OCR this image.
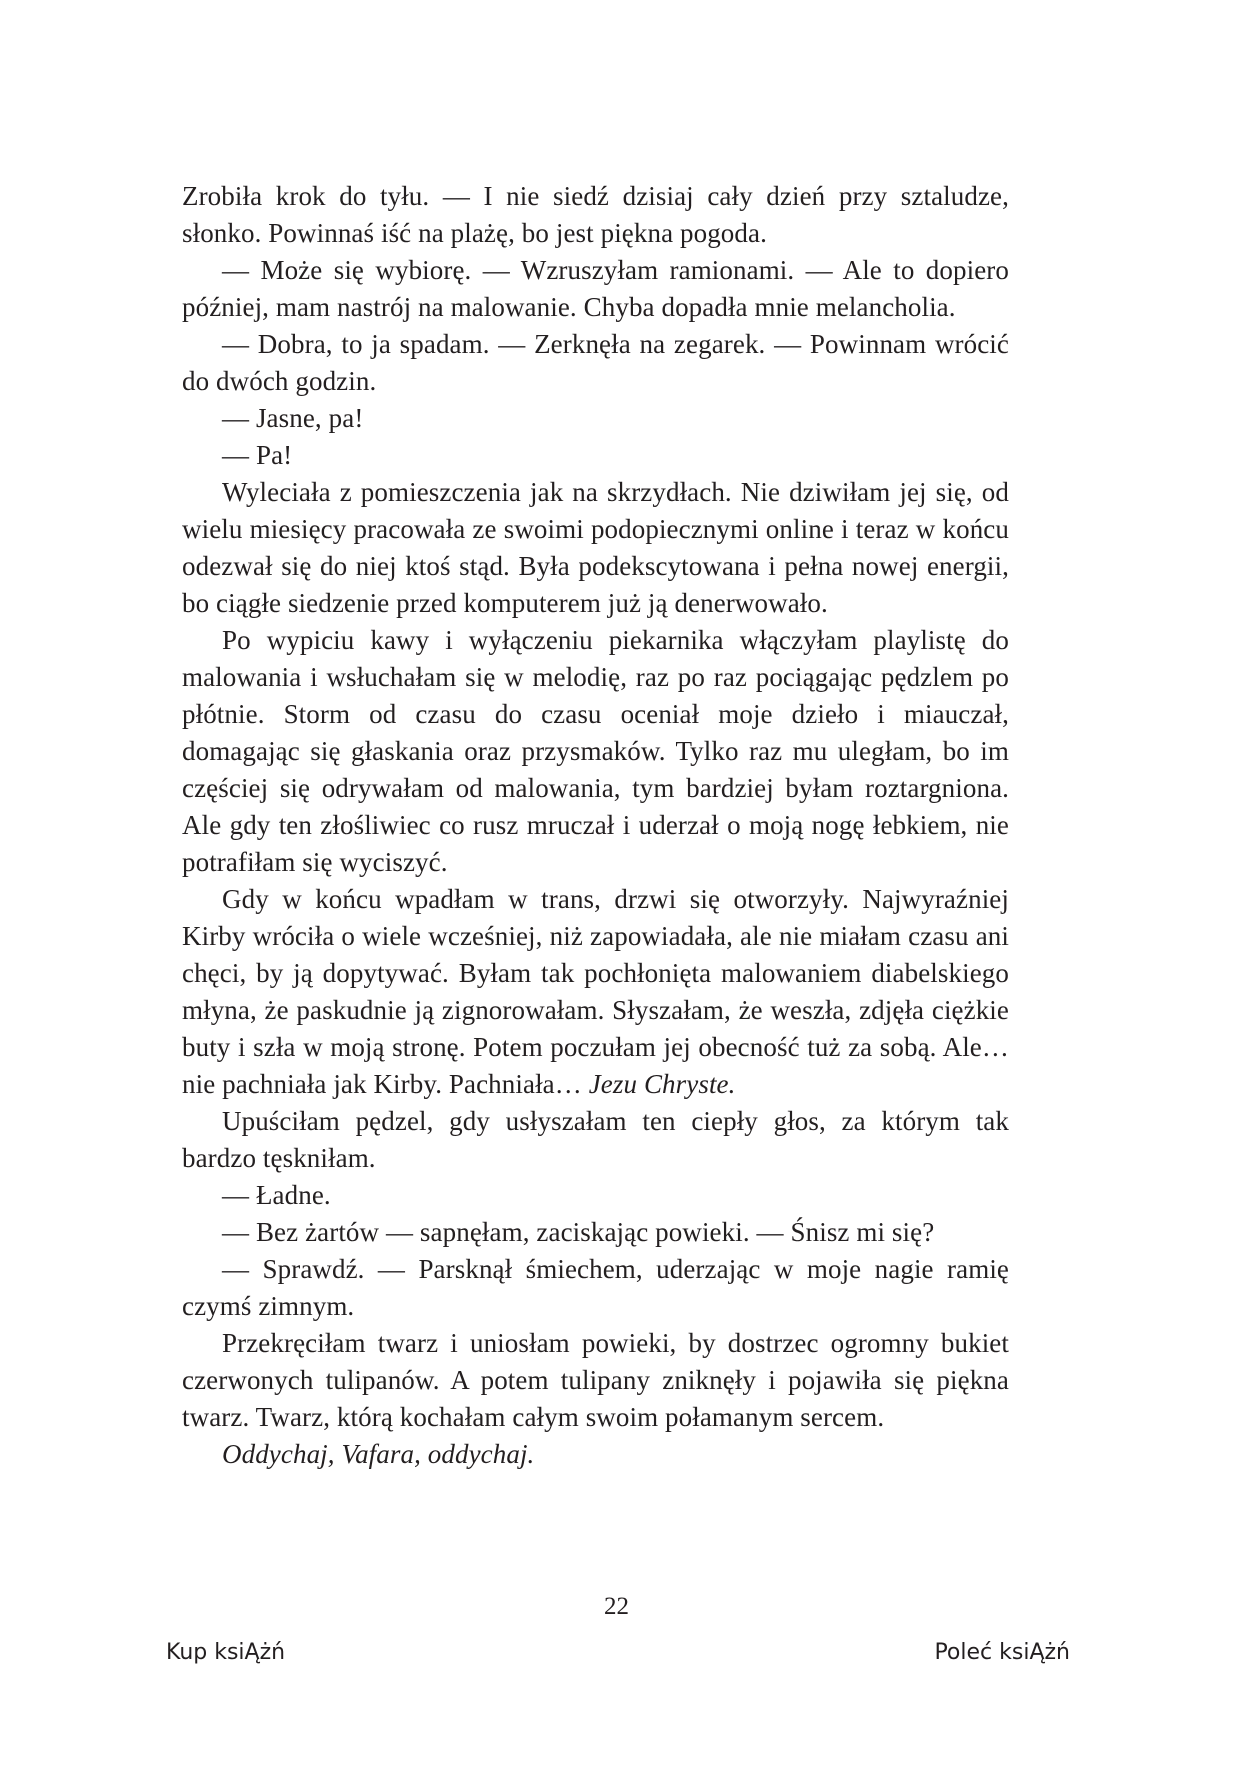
Zrobiła krok do tyłu. — I nie siedź dzisiaj cały dzień przy sztaludze, słonko. Powinnaś iść na plażę, bo jest piękna pogoda.

— Może się wybiorę. — Wzruszyłam ramionami. — Ale to dopiero później, mam nastrój na malowanie. Chyba dopadła mnie melancholia.

— Dobra, to ja spadam. — Zerknęła na zegarek. — Powinnam wrócić do dwóch godzin.

— Jasne, pa!

— Pa!

Wyleciała z pomieszczenia jak na skrzydłach. Nie dziwiłam jej się, od wielu miesięcy pracowała ze swoimi podopiecznymi online i teraz w końcu odezwał się do niej ktoś stąd. Była podekscytowana i pełna nowej energii, bo ciągłe siedzenie przed komputerem już ją denerwowało.

Po wypiciu kawy i wyłączeniu piekarnika włączyłam playlistę do malowania i wsłuchałam się w melodię, raz po raz pociągając pędzlem po płótnie. Storm od czasu do czasu oceniał moje dzieło i miauczał, domagając się głaskania oraz przysmaków. Tylko raz mu uległam, bo im częściej się odrywałam od malowania, tym bardziej byłam roztargniona. Ale gdy ten złośliwiec co rusz mruczał i uderzał o moją nogę łebkiem, nie potrafiłam się wyciszyć.

Gdy w końcu wpadłam w trans, drzwi się otworzyły. Najwyraźniej Kirby wróciła o wiele wcześniej, niż zapowiadała, ale nie miałam czasu ani chęci, by ją dopytywać. Byłam tak pochłonięta malowaniem diabelskiego młyna, że paskudnie ją zignorowałam. Słyszałam, że weszła, zdjęła ciężkie buty i szła w moją stronę. Potem poczułam jej obecność tuż za sobą. Ale… nie pachniała jak Kirby. Pachniała… Jezu Chryste.

Upuściłam pędzel, gdy usłyszałam ten ciepły głos, za którym tak bardzo tęskniłam.

— Ładne.

— Bez żartów — sapnęłam, zaciskając powieki. — Śnisz mi się?

— Sprawdź. — Parsknął śmiechem, uderzając w moje nagie ramię czymś zimnym.

Przekręciłam twarz i uniosłam powieki, by dostrzec ogromny bukiet czerwonych tulipanów. A potem tulipany zniknęły i pojawiła się piękna twarz. Twarz, którą kochałam całym swoim połamanym sercem.

Oddychaj, Vafara, oddychaj.

22
Kup ksiĄżń	Poleć ksiĄżń
